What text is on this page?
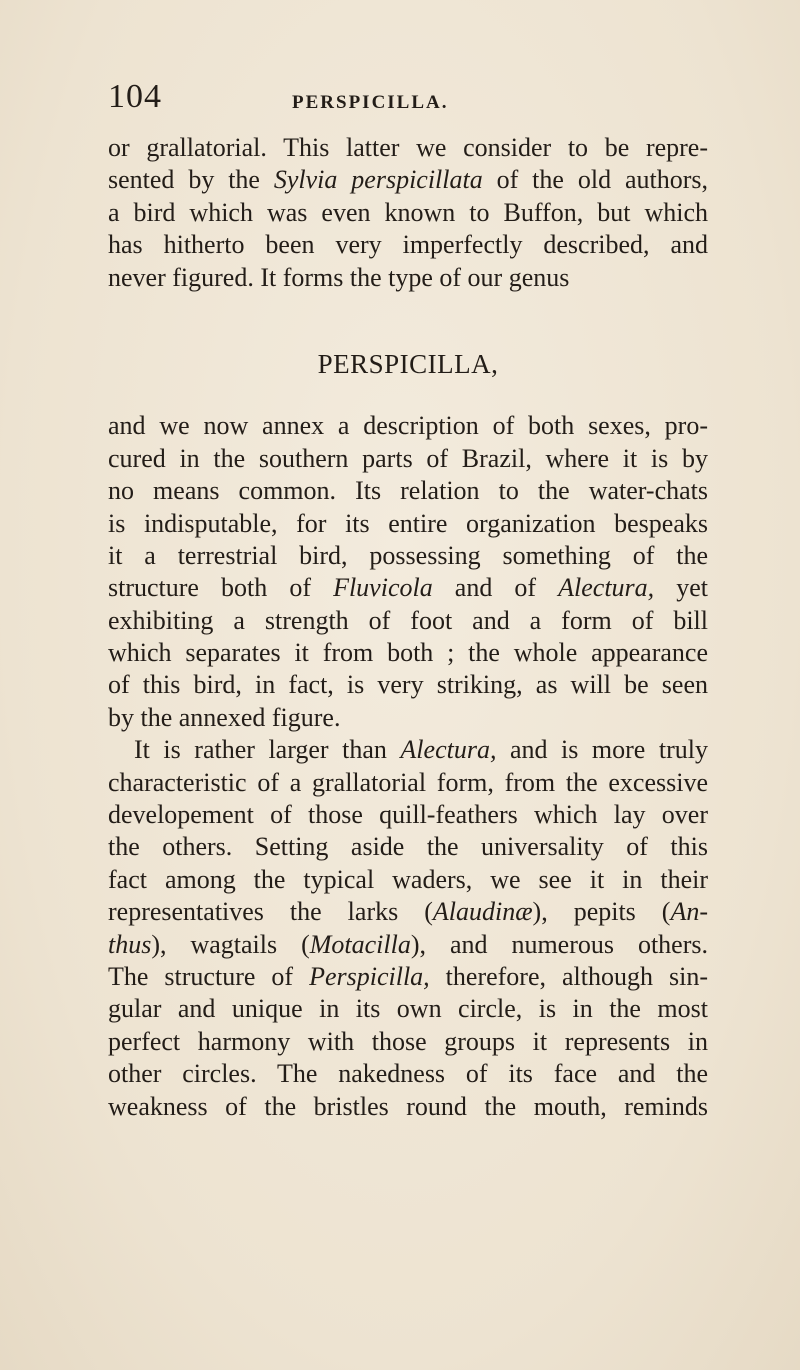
104	PERSPICILLA.
or grallatorial. This latter we consider to be repre-
sented by the Sylvia perspicillata of the old authors,
a bird which was even known to Buffon, but which
has hitherto been very imperfectly described, and
never figured. It forms the type of our genus
PERSPICILLA,
and we now annex a description of both sexes, pro-
cured in the southern parts of Brazil, where it is by
no means common. Its relation to the water-chats
is indisputable, for its entire organization bespeaks
it a terrestrial bird, possessing something of the
structure both of Fluvicola and of Alectura, yet
exhibiting a strength of foot and a form of bill
which separates it from both ; the whole appearance
of this bird, in fact, is very striking, as will be seen
by the annexed figure.
It is rather larger than Alectura, and is more truly
characteristic of a grallatorial form, from the excessive
developement of those quill-feathers which lay over
the others. Setting aside the universality of this
fact among the typical waders, we see it in their
representatives the larks (Alaudinæ), pepits (An-
thus), wagtails (Motacilla), and numerous others.
The structure of Perspicilla, therefore, although sin-
gular and unique in its own circle, is in the most
perfect harmony with those groups it represents in
other circles. The nakedness of its face and the
weakness of the bristles round the mouth, reminds
